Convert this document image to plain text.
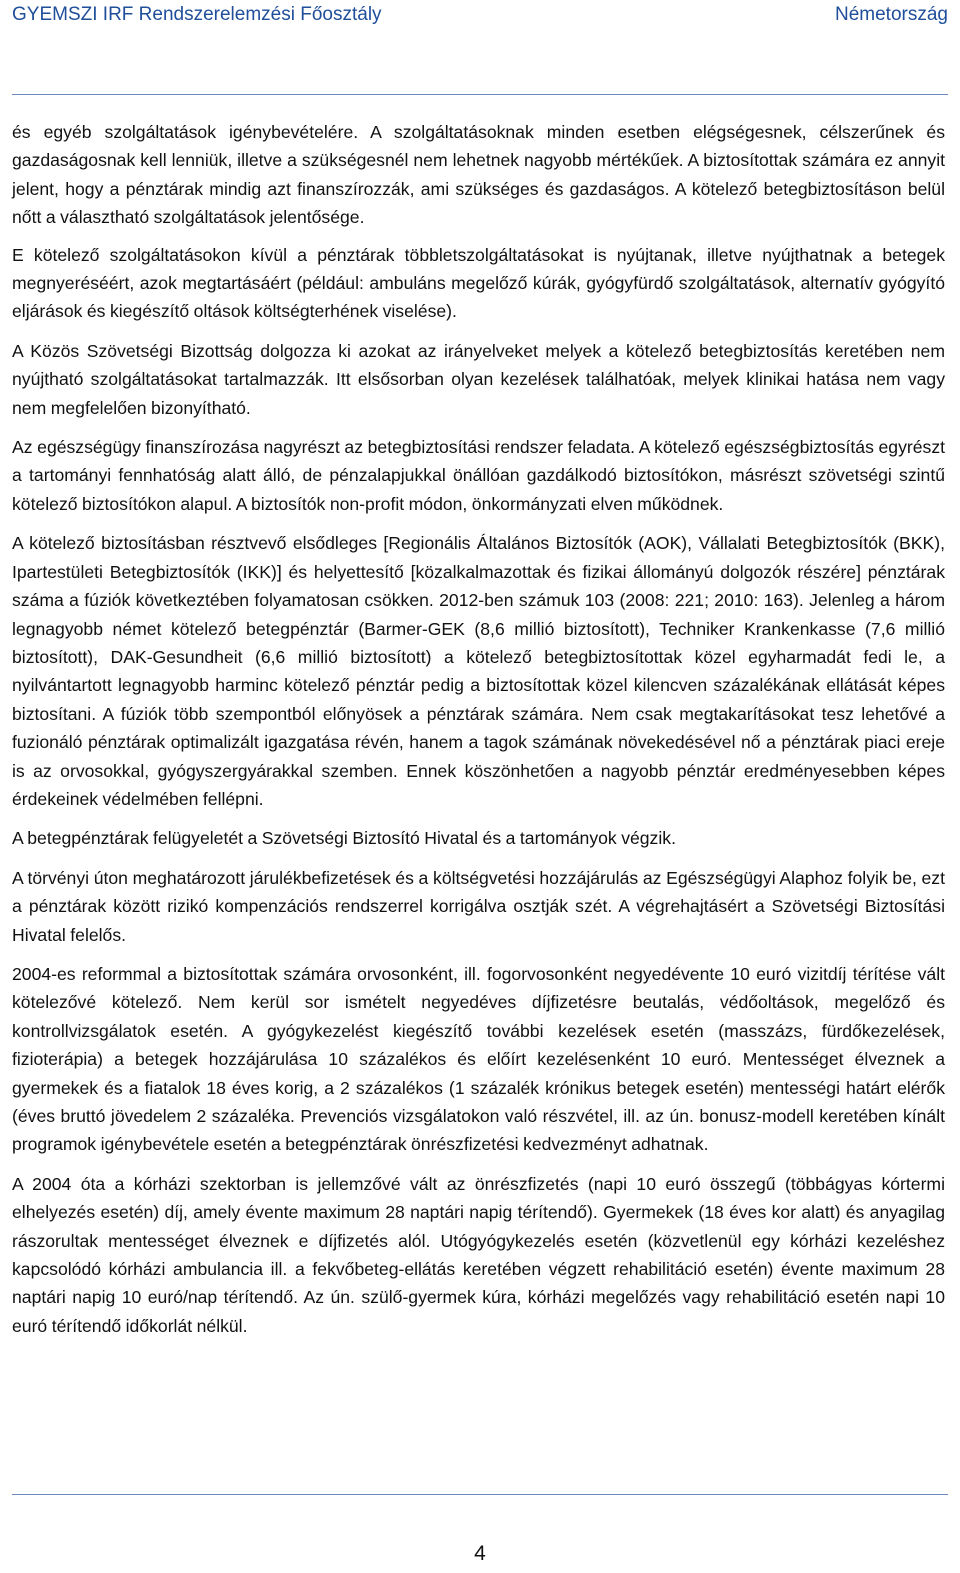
GYEMSZI IRF Rendszerelemzési Főosztály	Németország

és egyéb szolgáltatások igénybevételére. A szolgáltatásoknak minden esetben elégségesnek, célszerűnek és gazdaságosnak kell lenniük, illetve a szükségesnél nem lehetnek nagyobb mértékűek. A biztosítottak számára ez annyit jelent, hogy a pénztárak mindig azt finanszírozzák, ami szükséges és gazdaságos. A kötelező betegbiztosításon belül nőtt a választható szolgáltatások jelentősége.

E kötelező szolgáltatásokon kívül a pénztárak többletszolgáltatásokat is nyújtanak, illetve nyújthatnak a betegek megnyeréséért, azok megtartásáért (például: ambuláns megelőző kúrák, gyógyfürdő szolgáltatások, alternatív gyógyító eljárások és kiegészítő oltások költségterhének viselése).

A Közös Szövetségi Bizottság dolgozza ki azokat az irányelveket melyek a kötelező betegbiztosítás keretében nem nyújtható szolgáltatásokat tartalmazzák. Itt elsősorban olyan kezelések találhatóak, melyek klinikai hatása nem vagy nem megfelelően bizonyítható.

Az egészségügy finanszírozása nagyrészt az betegbiztosítási rendszer feladata. A kötelező egészségbiztosítás egyrészt a tartományi fennhatóság alatt álló, de pénzalapjukkal önállóan gazdálkodó biztosítókon, másrészt szövetségi szintű kötelező biztosítókon alapul. A biztosítók non-profit módon, önkormányzati elven működnek.

A kötelező biztosításban résztvevő elsődleges [Regionális Általános Biztosítók (AOK), Vállalati Betegbiztosítók (BKK), Ipartestületi Betegbiztosítók (IKK)] és helyettesítő [közalkalmazottak és fizikai állományú dolgozók részére] pénztárak száma a fúziók következtében folyamatosan csökken. 2012-ben számuk 103 (2008: 221; 2010: 163). Jelenleg a három legnagyobb német kötelező betegpénztár (Barmer-GEK (8,6 millió biztosított), Techniker Krankenkasse (7,6 millió biztosított), DAK-Gesundheit (6,6 millió biztosított) a kötelező betegbiztosítottak közel egyharmadát fedi le, a nyilvántartott legnagyobb harminc kötelező pénztár pedig a biztosítottak közel kilencven százalékának ellátását képes biztosítani. A fúziók több szempontból előnyösek a pénztárak számára. Nem csak megtakarításokat tesz lehetővé a fuzionáló pénztárak optimalizált igazgatása révén, hanem a tagok számának növekedésével nő a pénztárak piaci ereje is az orvosokkal, gyógyszergyárakkal szemben. Ennek köszönhetően a nagyobb pénztár eredményesebben képes érdekeinek védelmében fellépni.

A betegpénztárak felügyeletét a Szövetségi Biztosító Hivatal és a tartományok végzik.

A törvényi úton meghatározott járulékbefizetések és a költségvetési hozzájárulás az Egészségügyi Alaphoz folyik be, ezt a pénztárak között rizikó kompenzációs rendszerrel korrigálva osztják szét. A végrehajtásért a Szövetségi Biztosítási Hivatal felelős.

2004-es reformmal a biztosítottak számára orvosonként, ill. fogorvosonként negyedévente 10 euró vizitdíj térítése vált kötelezővé kötelező. Nem kerül sor ismételt negyedéves díjfizetésre beutalás, védőoltások, megelőző és kontrollvizsgálatok esetén. A gyógykezelést kiegészítő további kezelések esetén (masszázs, fürdőkezelések, fizioterápia) a betegek hozzájárulása 10 százalékos és előírt kezelésenként 10 euró. Mentességet élveznek a gyermekek és a fiatalok 18 éves korig, a 2 százalékos (1 százalék krónikus betegek esetén) mentességi határt elérők (éves bruttó jövedelem 2 százaléka. Prevenciós vizsgálatokon való részvétel, ill. az ún. bonusz-modell keretében kínált programok igénybevétele esetén a betegpénztárak önrészfizetési kedvezményt adhatnak.

A 2004 óta a kórházi szektorban is jellemzővé vált az önrészfizetés (napi 10 euró összegű (többágyas kórtermi elhelyezés esetén) díj, amely évente maximum 28 naptári napig térítendő). Gyermekek (18 éves kor alatt) és anyagilag rászorultak mentességet élveznek e díjfizetés alól. Utógyógykezelés esetén (közvetlenül egy kórházi kezeléshez kapcsolódó kórházi ambulancia ill. a fekvőbeteg-ellátás keretében végzett rehabilitáció esetén) évente maximum 28 naptári napig 10 euró/nap térítendő. Az ún. szülő-gyermek kúra, kórházi megelőzés vagy rehabilitáció esetén napi 10 euró térítendő időkorlát nélkül.

4
